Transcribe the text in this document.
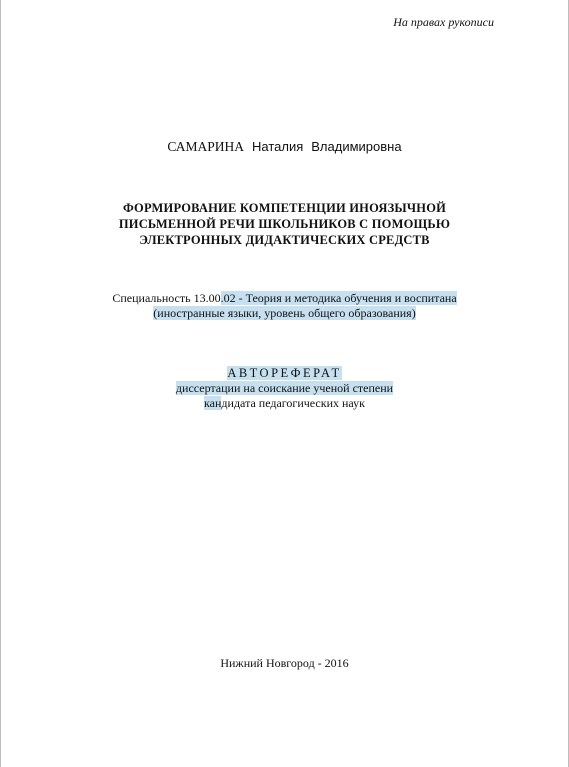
На правах рукописи
САМАРИНА Наталия Владимировна
ФОРМИРОВАНИЕ КОМПЕТЕНЦИИ ИНОЯЗЫЧНОЙ
ПИСЬМЕННОЙ РЕЧИ ШКОЛЬНИКОВ С ПОМОЩЬЮ
ЭЛЕКТРОННЫХ ДИДАКТИЧЕСКИХ СРЕДСТВ
Специальность 13.00.02 - Теория и методика обучения и воспитана
(иностранные языки, уровень общего образования)
АВТОРЕФЕРАТ
диссертации на соискание ученой степени
кандидата педагогических наук
Нижний Новгород - 2016
